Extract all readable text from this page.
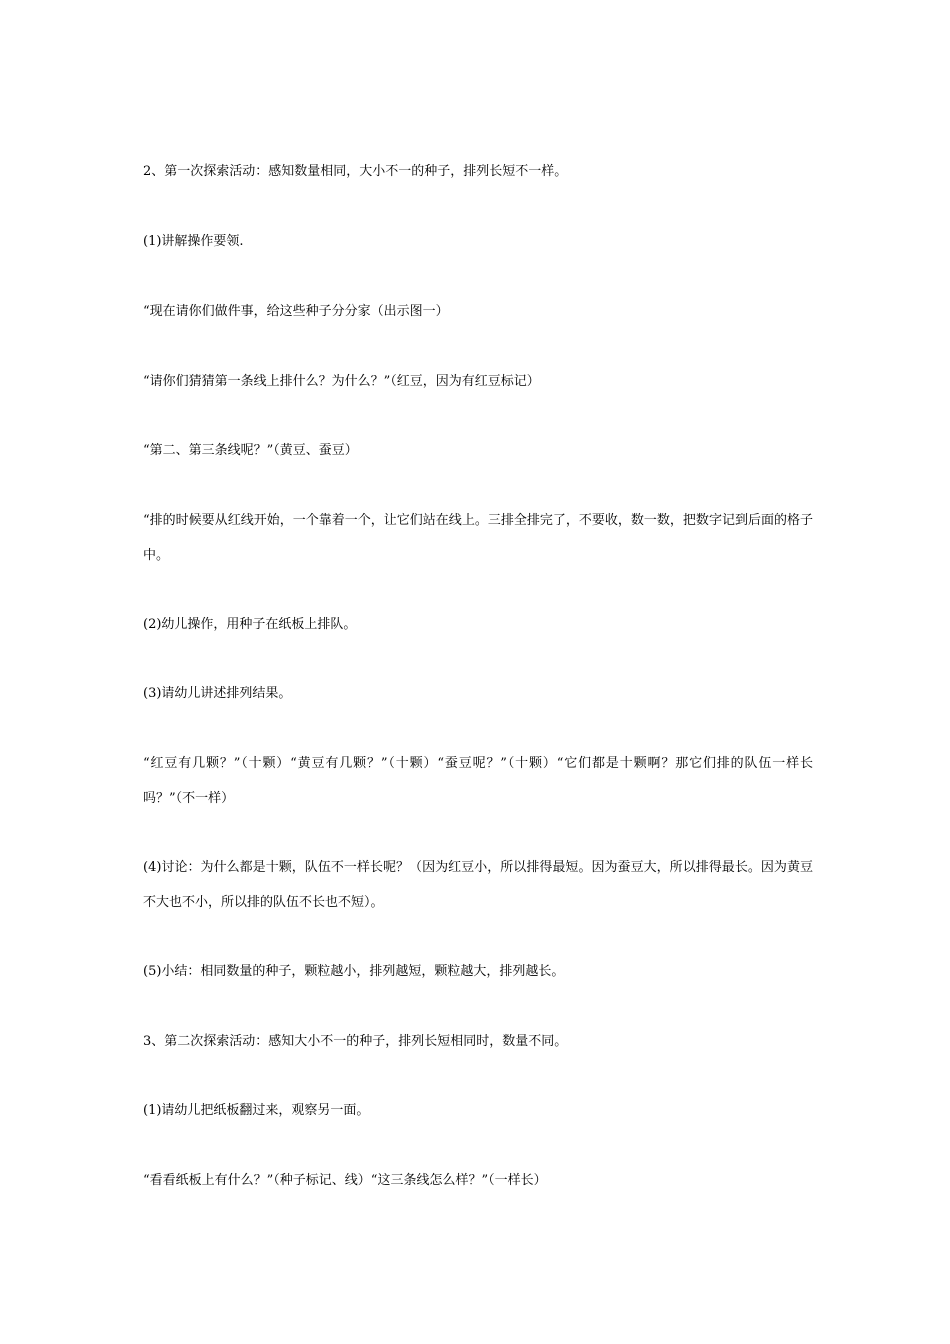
2、第一次探索活动：感知数量相同，大小不一的种子，排列长短不一样。

(1)讲解操作要领.

“现在请你们做件事，给这些种子分分家（出示图一）

“请你们猜猜第一条线上排什么？为什么？”（红豆，因为有红豆标记）

“第二、第三条线呢？”（黄豆、蚕豆）

“排的时候要从红线开始，一个靠着一个，让它们站在线上。三排全排完了，不要收，数一数，把数字记到后面的格子中。

(2)幼儿操作，用种子在纸板上排队。

(3)请幼儿讲述排列结果。

“红豆有几颗？”（十颗）“黄豆有几颗？”（十颗）“蚕豆呢？”（十颗）“它们都是十颗啊？那它们排的队伍一样长吗？”（不一样）

(4)讨论：为什么都是十颗，队伍不一样长呢？（因为红豆小，所以排得最短。因为蚕豆大，所以排得最长。因为黄豆不大也不小，所以排的队伍不长也不短）。

(5)小结：相同数量的种子，颗粒越小，排列越短，颗粒越大，排列越长。

3、第二次探索活动：感知大小不一的种子，排列长短相同时，数量不同。

(1)请幼儿把纸板翻过来，观察另一面。

“看看纸板上有什么？”（种子标记、线）“这三条线怎么样？”（一样长）
